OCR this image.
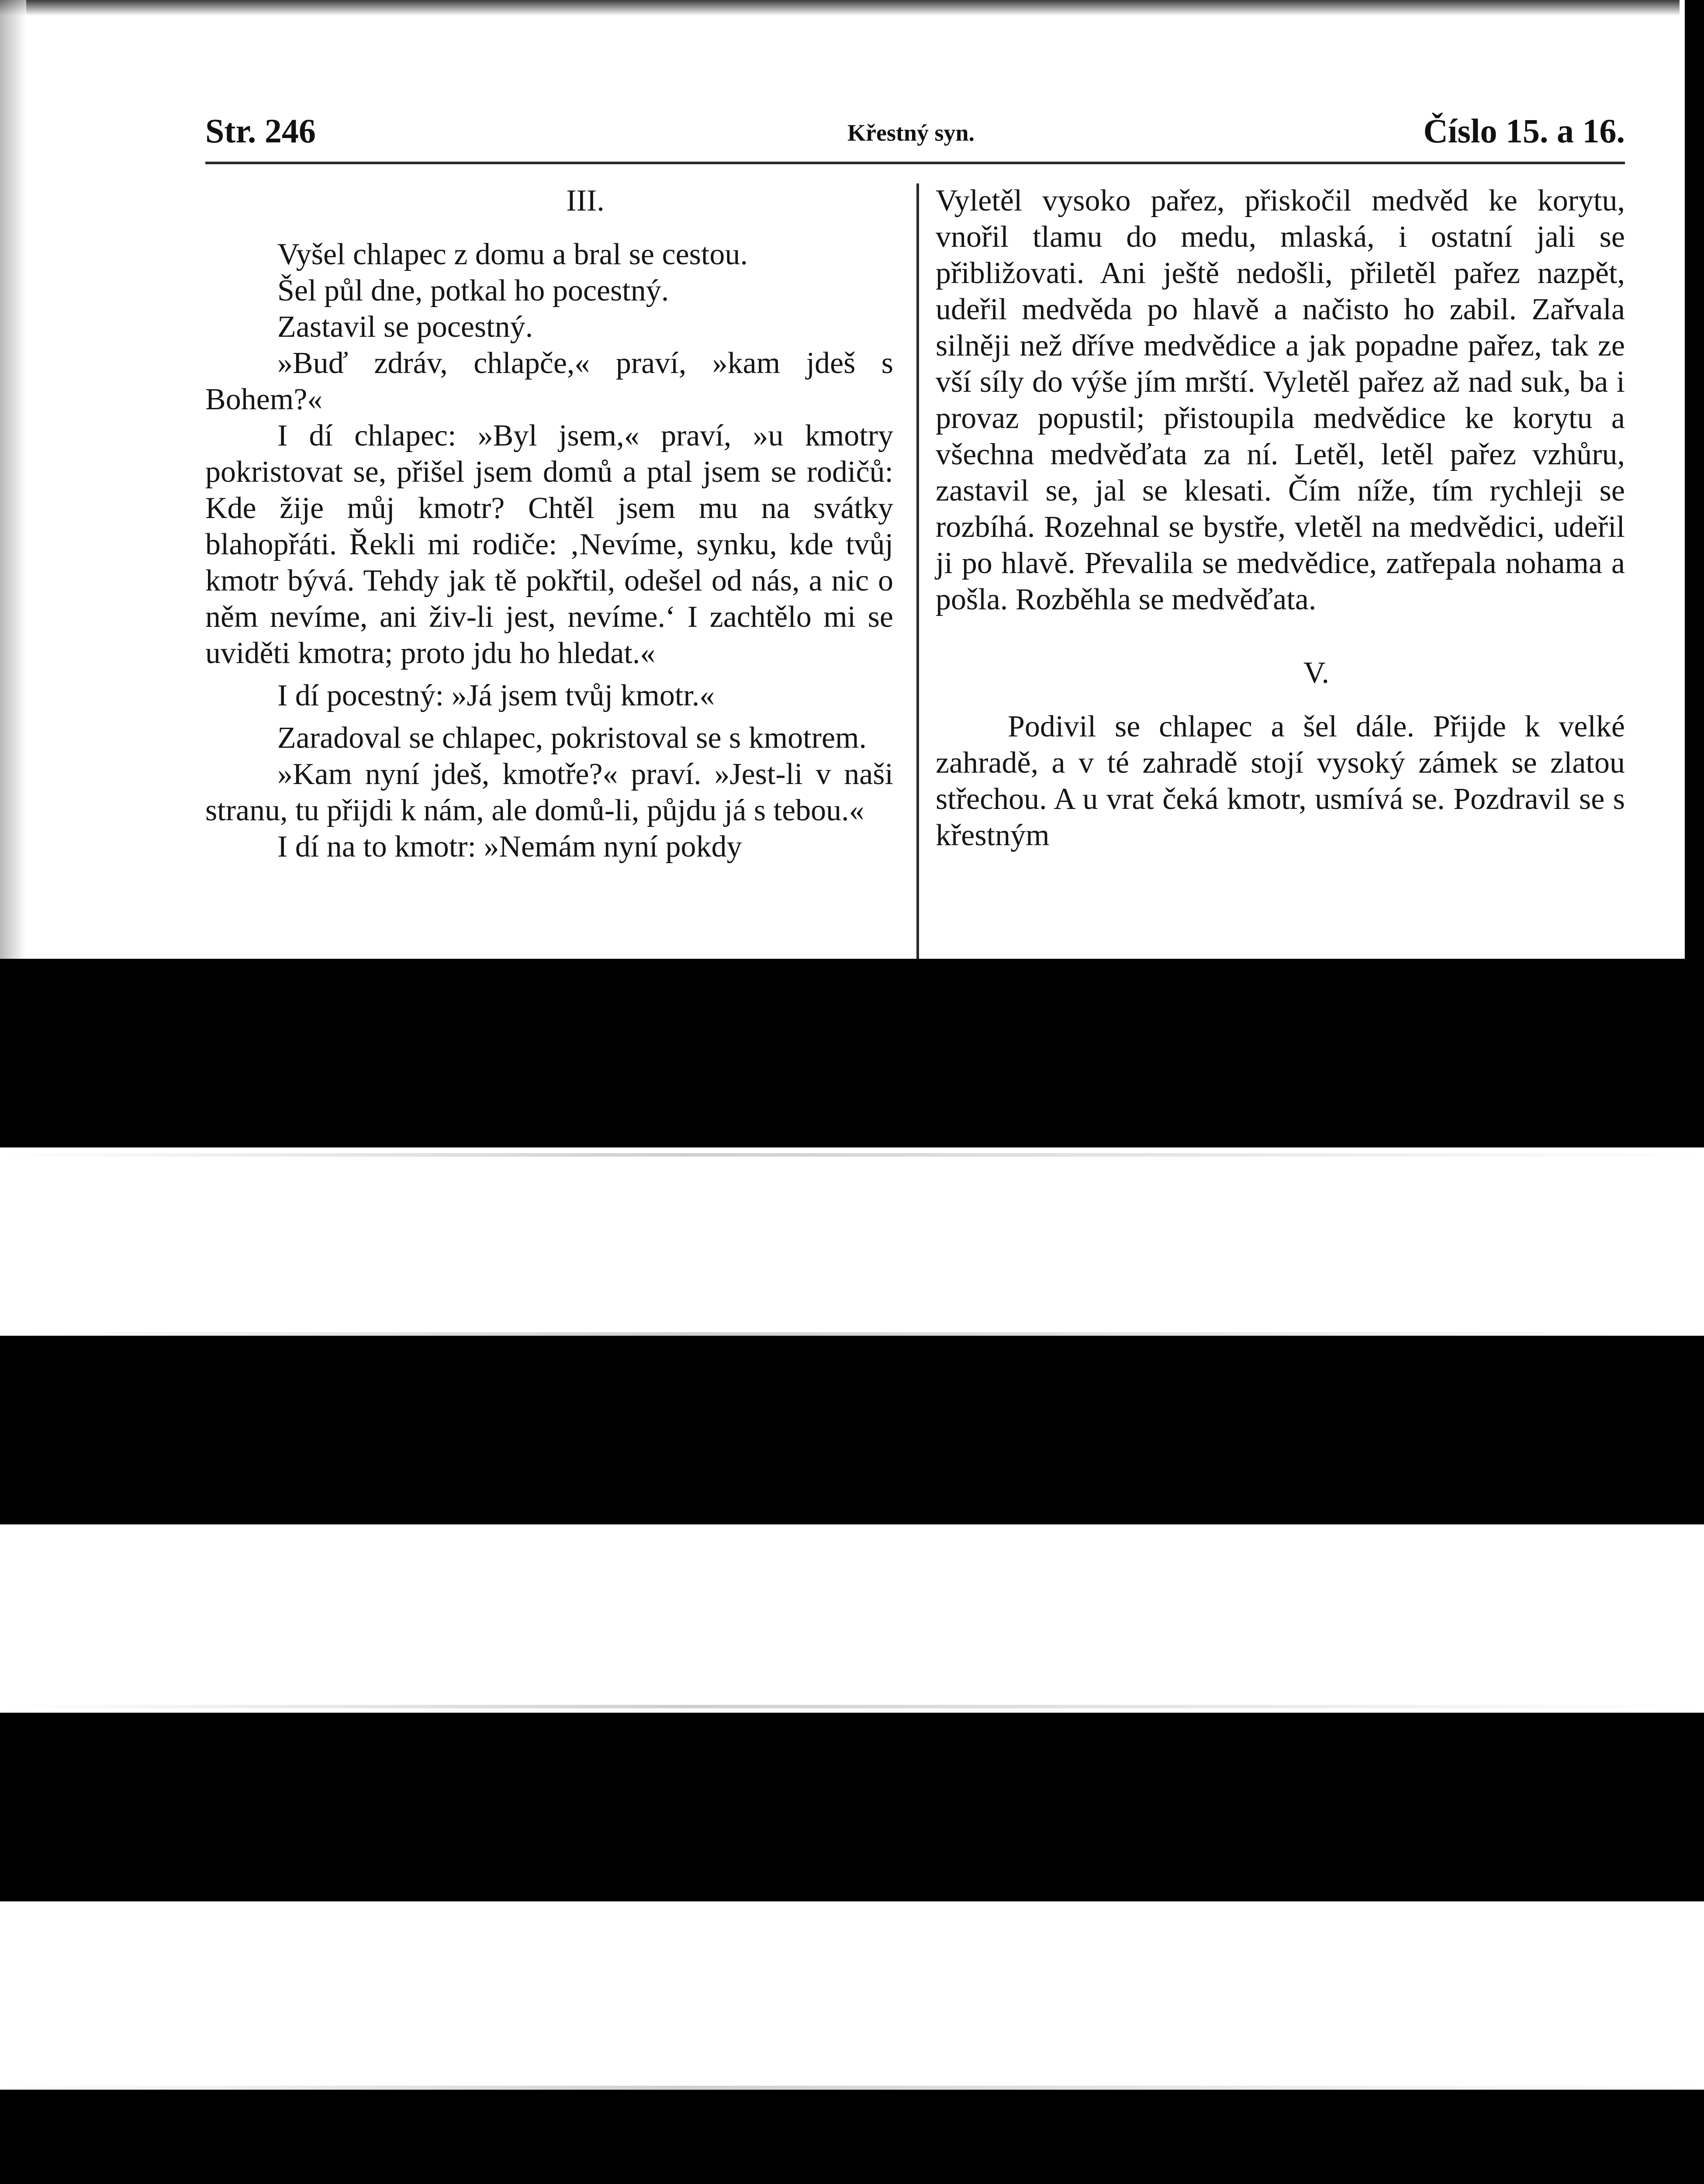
Str. 246	Křestný syn.	Číslo 15. a 16.

III.

Vyšel chlapec z domu a bral se cestou.

Šel půl dne, potkal ho pocestný.

Zastavil se pocestný.

»Buď zdráv, chlapče,« praví, »kam jdeš s Bohem?«

I dí chlapec: »Byl jsem,« praví, »u kmotry pokristovat se, přišel jsem domů a ptal jsem se rodičů: Kde žije můj kmotr? Chtěl jsem mu na svátky blahopřáti. Řekli mi rodiče: ‚Nevíme, synku, kde tvůj kmotr bývá. Tehdy jak tě pokřtil, odešel od nás, a nic o něm nevíme, ani živ-li jest, nevíme.‘ I zachtělo mi se uviděti kmotra; proto jdu ho hledat.«

I dí pocestný: »Já jsem tvůj kmotr.«

Zaradoval se chlapec, pokristoval se s kmotrem.

»Kam nyní jdeš, kmotře?« praví. »Jest-li v naši stranu, tu přijdi k nám, ale domů-li, půjdu já s tebou.«

I dí na to kmotr: »Nemám nyní pokdy

Vyletěl vysoko pařez, přiskočil medvěd ke korytu, vnořil tlamu do medu, mlaská, i ostatní jali se přibližovati. Ani ještě nedošli, přiletěl pařez nazpět, udeřil medvěda po hlavě a načisto ho zabil. Zařvala silněji než dříve medvědice a jak popadne pařez, tak ze vší síly do výše jím mrští. Vyletěl pařez až nad suk, ba i provaz popustil; přistoupila medvědice ke korytu a všechna medvěďata za ní. Letěl, letěl pařez vzhůru, zastavil se, jal se klesati. Čím níže, tím rychleji se rozbíhá. Rozehnal se bystře, vletěl na medvědici, udeřil ji po hlavě. Převalila se medvědice, zatřepala nohama a pošla. Rozběhla se medvěďata.

V.

Podivil se chlapec a šel dále. Přijde k velké zahradě, a v té zahradě stojí vysoký zámek se zlatou střechou. A u vrat čeká kmotr, usmívá se. Pozdravil se s křestným
